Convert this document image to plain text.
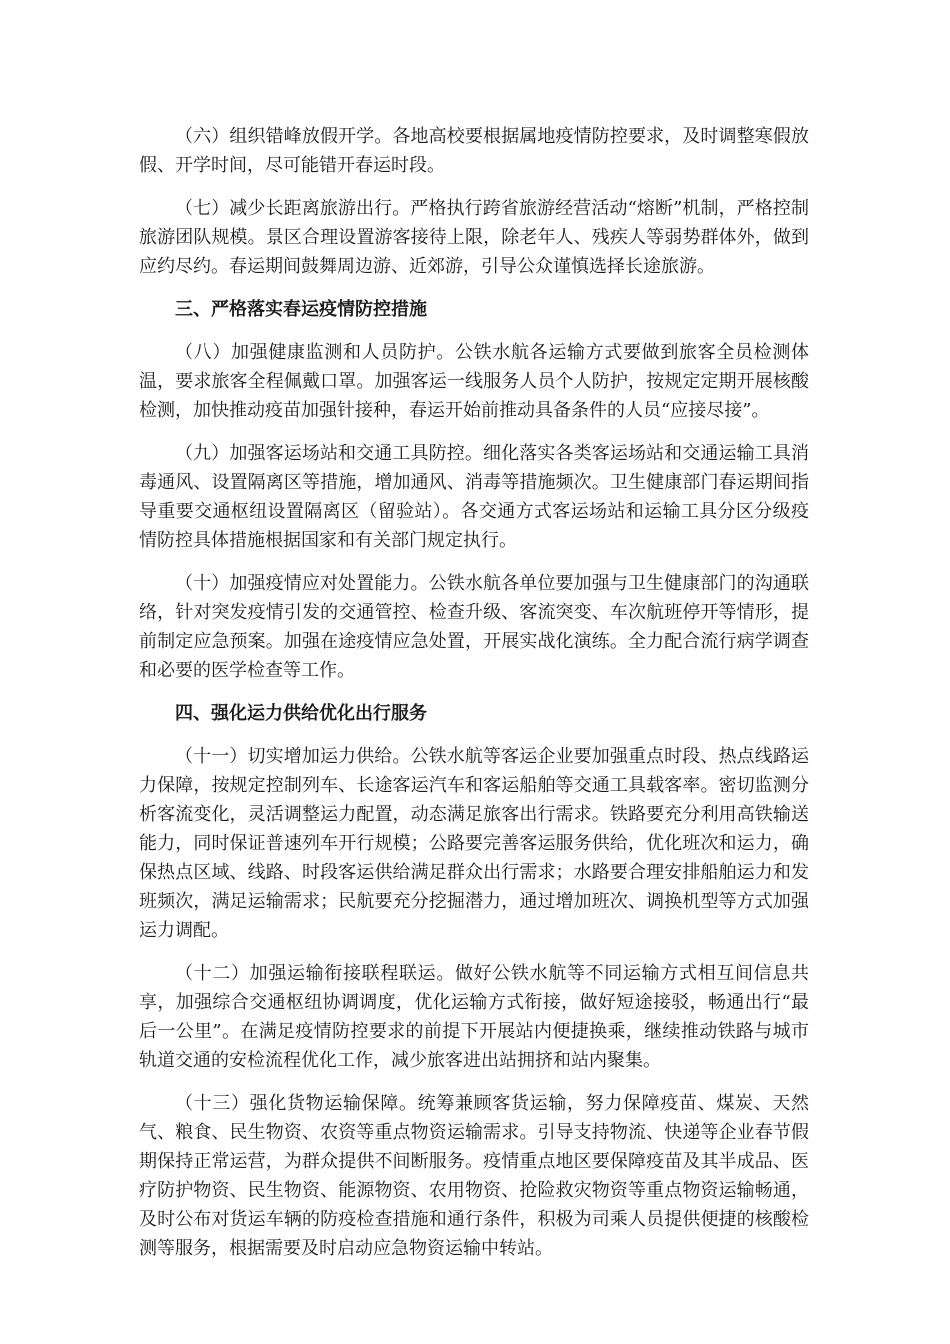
（六）组织错峰放假开学。各地高校要根据属地疫情防控要求，及时调整寒假放假、开学时间，尽可能错开春运时段。

（七）减少长距离旅游出行。严格执行跨省旅游经营活动“熔断”机制，严格控制旅游团队规模。景区合理设置游客接待上限，除老年人、残疾人等弱势群体外，做到应约尽约。春运期间鼓舞周边游、近郊游，引导公众谨慎选择长途旅游。

三、严格落实春运疫情防控措施

（八）加强健康监测和人员防护。公铁水航各运输方式要做到旅客全员检测体温，要求旅客全程佩戴口罩。加强客运一线服务人员个人防护，按规定定期开展核酸检测，加快推动疫苗加强针接种，春运开始前推动具备条件的人员“应接尽接”。

（九）加强客运场站和交通工具防控。细化落实各类客运场站和交通运输工具消毒通风、设置隔离区等措施，增加通风、消毒等措施频次。卫生健康部门春运期间指导重要交通枢纽设置隔离区（留验站）。各交通方式客运场站和运输工具分区分级疫情防控具体措施根据国家和有关部门规定执行。

（十）加强疫情应对处置能力。公铁水航各单位要加强与卫生健康部门的沟通联络，针对突发疫情引发的交通管控、检查升级、客流突变、车次航班停开等情形，提前制定应急预案。加强在途疫情应急处置，开展实战化演练。全力配合流行病学调查和必要的医学检查等工作。

四、强化运力供给优化出行服务

（十一）切实增加运力供给。公铁水航等客运企业要加强重点时段、热点线路运力保障，按规定控制列车、长途客运汽车和客运船舶等交通工具载客率。密切监测分析客流变化，灵活调整运力配置，动态满足旅客出行需求。铁路要充分利用高铁输送能力，同时保证普速列车开行规模；公路要完善客运服务供给，优化班次和运力，确保热点区域、线路、时段客运供给满足群众出行需求；水路要合理安排船舶运力和发班频次，满足运输需求；民航要充分挖掘潜力，通过增加班次、调换机型等方式加强运力调配。

（十二）加强运输衔接联程联运。做好公铁水航等不同运输方式相互间信息共享，加强综合交通枢纽协调调度，优化运输方式衔接，做好短途接驳，畅通出行“最后一公里”。在满足疫情防控要求的前提下开展站内便捷换乘，继续推动铁路与城市轨道交通的安检流程优化工作，减少旅客进出站拥挤和站内聚集。

（十三）强化货物运输保障。统筹兼顾客货运输，努力保障疫苗、煤炭、天然气、粮食、民生物资、农资等重点物资运输需求。引导支持物流、快递等企业春节假期保持正常运营，为群众提供不间断服务。疫情重点地区要保障疫苗及其半成品、医疗防护物资、民生物资、能源物资、农用物资、抢险救灾物资等重点物资运输畅通，及时公布对货运车辆的防疫检查措施和通行条件，积极为司乘人员提供便捷的核酸检测等服务，根据需要及时启动应急物资运输中转站。
